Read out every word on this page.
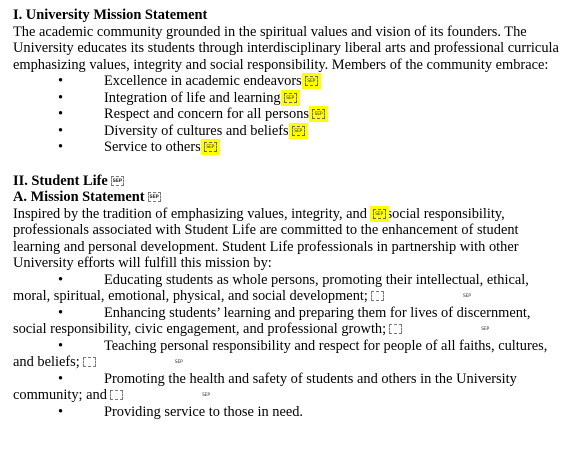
I. University Mission Statement

The academic community grounded in the spiritual values and vision of its founders. The University educates its students through interdisciplinary liberal arts and professional curricula emphasizing values, integrity and social responsibility. Members of the community embrace:

•	Excellence in academic endeavorsSEP
•	Integration of life and learningSEP
•	Respect and concern for all personsSEP
•	Diversity of cultures and beliefsSEP
•	Service to othersSEP
II. Student LifeSEP
A. Mission StatementSEP

Inspired by the tradition of emphasizing values, integrity, and SEP social responsibility, professionals associated with Student Life are committed to the enhancement of student learning and personal development. Student Life professionals in partnership with other University efforts will fulfill this mission by:

•	Educating students as whole persons, promoting their intellectual, ethical, moral, spiritual, emotional, physical, and social development;SEP
•	Enhancing students’ learning and preparing them for lives of discernment, social responsibility, civic engagement, and professional growth;SEP
•	Teaching personal responsibility and respect for people of all faiths, cultures, and beliefs;SEP
•	Promoting the health and safety of students and others in the University community; andSEP
•	Providing service to those in need.
